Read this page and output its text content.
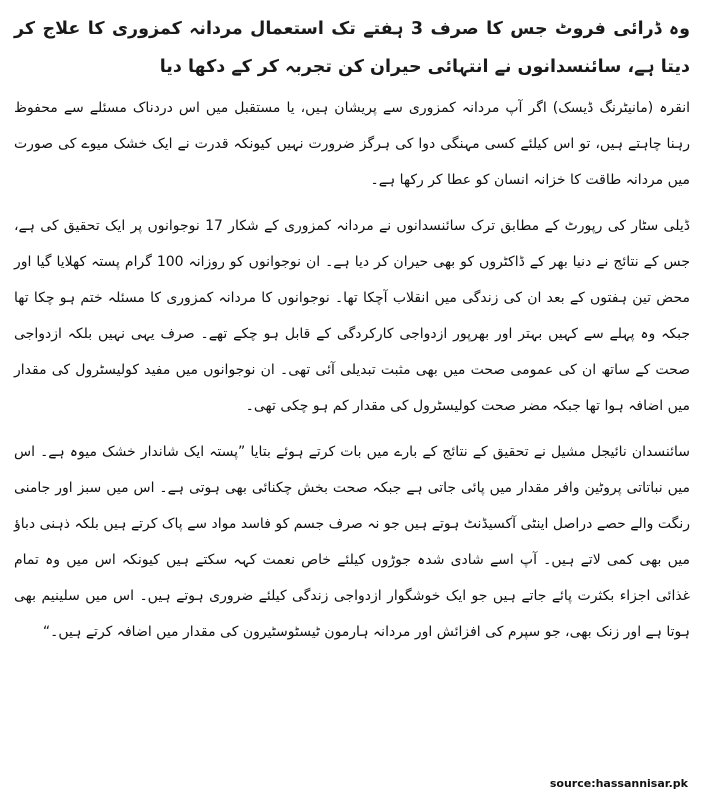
وہ ڈرائی فروٹ جس کا صرف 3 ہفتے تک استعمال مردانہ کمزوری کا علاج کر دیتا ہے، سائنسدانوں نے انتہائی حیران کن تجربہ کر کے دکھا دیا

انقرہ (مانیٹرنگ ڈیسک) اگر آپ مردانہ کمزوری سے پریشان ہیں، یا مستقبل میں اس دردناک مسئلے سے محفوظ رہنا چاہتے ہیں، تو اس کیلئے کسی مہنگی دوا کی ہرگز ضرورت نہیں کیونکہ قدرت نے ایک خشک میوے کی صورت میں مردانہ طاقت کا خزانہ انسان کو عطا کر رکھا ہے۔

ڈیلی سٹار کی رپورٹ کے مطابق ترک سائنسدانوں نے مردانہ کمزوری کے شکار 17 نوجوانوں پر ایک تحقیق کی ہے، جس کے نتائج نے دنیا بھر کے ڈاکٹروں کو بھی حیران کر دیا ہے۔ ان نوجوانوں کو روزانہ 100 گرام پستہ کھلایا گیا اور محض تین ہفتوں کے بعد ان کی زندگی میں انقلاب آچکا تھا۔ نوجوانوں کا مردانہ کمزوری کا مسئلہ ختم ہو چکا تھا جبکہ وہ پہلے سے کہیں بہتر اور بھرپور ازدواجی کارکردگی کے قابل ہو چکے تھے۔ صرف یہی نہیں بلکہ ازدواجی صحت کے ساتھ ان کی عمومی صحت میں بھی مثبت تبدیلی آئی تھی۔ ان نوجوانوں میں مفید کولیسٹرول کی مقدار میں اضافہ ہوا تھا جبکہ مضر صحت کولیسٹرول کی مقدار کم ہو چکی تھی۔

سائنسدان نائیجل مشیل نے تحقیق کے نتائج کے بارے میں بات کرتے ہوئے بتایا ”پستہ ایک شاندار خشک میوہ ہے۔ اس میں نباتاتی پروٹین وافر مقدار میں پائی جاتی ہے جبکہ صحت بخش چکنائی بھی ہوتی ہے۔ اس میں سبز اور جامنی رنگت والے حصے دراصل اینٹی آکسیڈنٹ ہوتے ہیں جو نہ صرف جسم کو فاسد مواد سے پاک کرتے ہیں بلکہ ذہنی دباؤ میں بھی کمی لاتے ہیں۔ آپ اسے شادی شدہ جوڑوں کیلئے خاص نعمت کہہ سکتے ہیں کیونکہ اس میں وہ تمام غذائی اجزاء بکثرت پائے جاتے ہیں جو ایک خوشگوار ازدواجی زندگی کیلئے ضروری ہوتے ہیں۔ اس میں سلینیم بھی ہوتا ہے اور زنک بھی، جو سپرم کی افزائش اور مردانہ ہارمون ٹیسٹوسٹیرون کی مقدار میں اضافہ کرتے ہیں۔“

source:hassannisar.pk
